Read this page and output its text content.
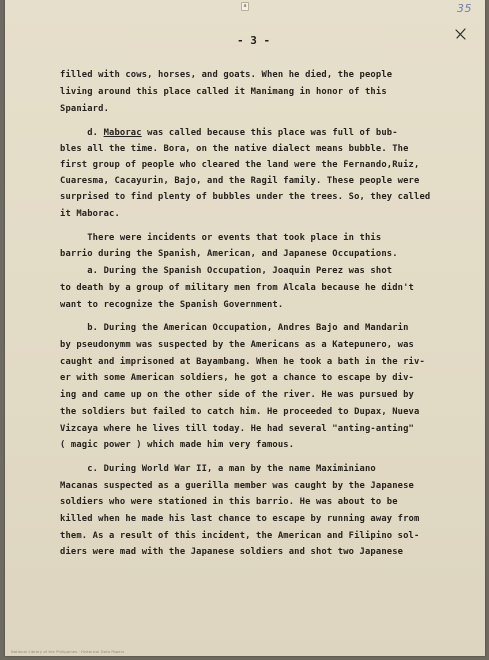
a	35
- 3 -
filled with cows, horses, and goats. When he died, the people
living around this place called it Manimang in honor of this
Spaniard.
d. Maborac was called because this place was full of bub-
bles all the time. Bora, on the native dialect means bubble. The
first group of people who cleared the land were the Fernando,Ruiz,
Cuaresma, Cacayurin, Bajo, and the Ragil family. These people were
surprised to find plenty of bubbles under the trees. So, they called
it Maborac.
There were incidents or events that took place in this
barrio during the Spanish, American, and Japanese Occupations.
a. During the Spanish Occupation, Joaquin Perez was shot
to death by a group of military men from Alcala because he didn't
want to recognize the Spanish Government.
b. During the American Occupation, Andres Bajo and Mandarin
by pseudonymm was suspected by the Americans as a Katepunero, was
caught and imprisoned at Bayambang. When he took a bath in the riv-
er with some American soldiers, he got a chance to escape by div-
ing and came up on the other side of the river. He was pursued by
the soldiers but failed to catch him. He proceeded to Dupax, Nueva
Vizcaya where he lives till today. He had several "anting-anting"
( magic power ) which made him very famous.
c. During World War II, a man by the name Maximiniano
Macanas suspected as a guerilla member was caught by the Japanese
soldiers who were stationed in this barrio. He was about to be
killed when he made his last chance to escape by running away from
them. As a result of this incident, the American and Filipino sol-
diers were mad with the Japanese soldiers and shot two Japanese
National Library of the Philippines · Historical Data Papers
